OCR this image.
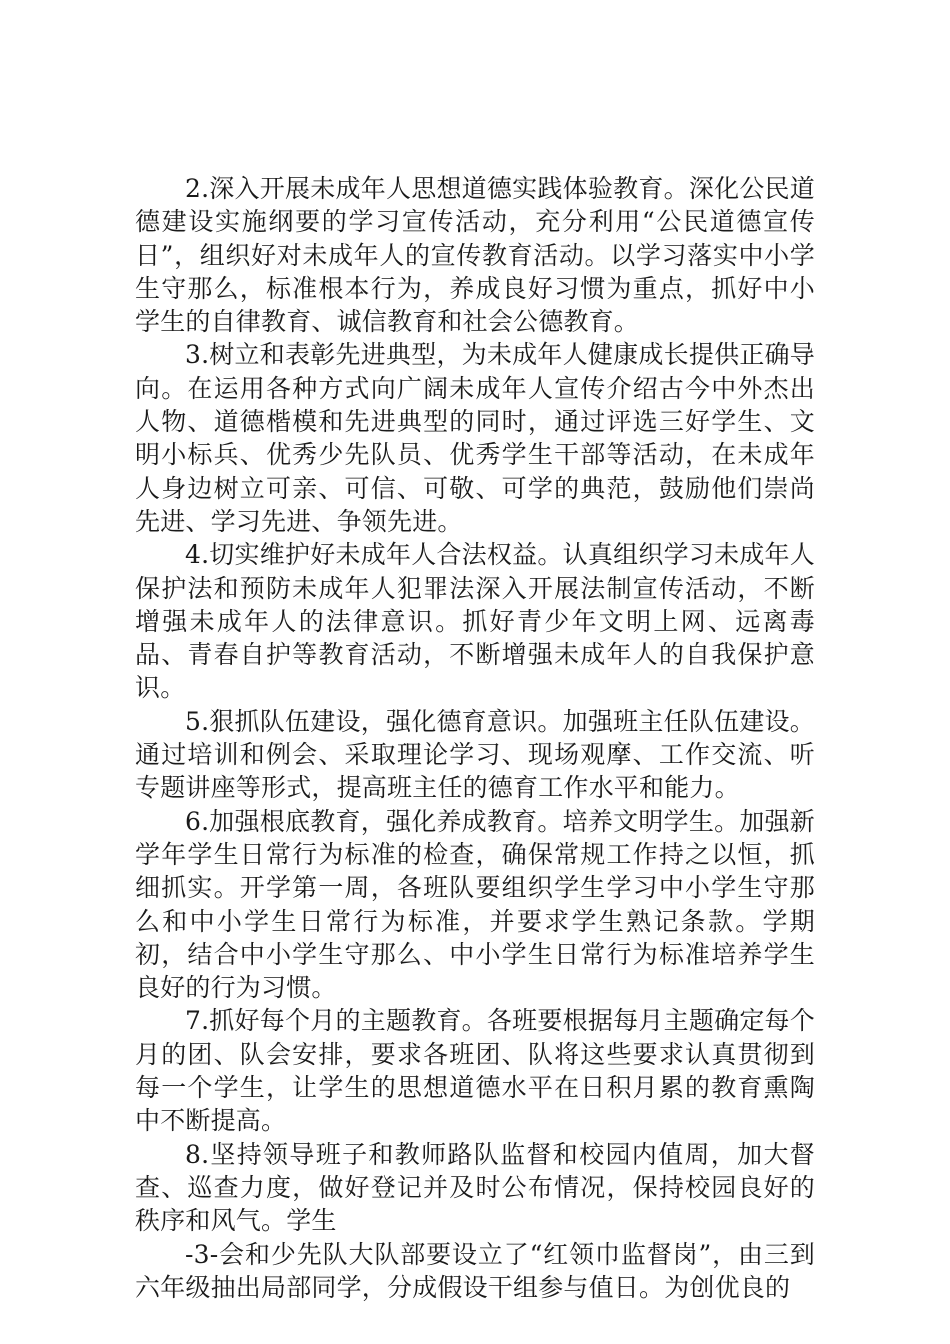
2.深入开展未成年人思想道德实践体验教育。深化公民道德建设实施纲要的学习宣传活动，充分利用“公民道德宣传日”，组织好对未成年人的宣传教育活动。以学习落实中小学生守那么，标准根本行为，养成良好习惯为重点，抓好中小学生的自律教育、诚信教育和社会公德教育。

3.树立和表彰先进典型，为未成年人健康成长提供正确导向。在运用各种方式向广阔未成年人宣传介绍古今中外杰出人物、道德楷模和先进典型的同时，通过评选三好学生、文明小标兵、优秀少先队员、优秀学生干部等活动，在未成年人身边树立可亲、可信、可敬、可学的典范，鼓励他们崇尚先进、学习先进、争领先进。

4.切实维护好未成年人合法权益。认真组织学习未成年人保护法和预防未成年人犯罪法深入开展法制宣传活动，不断增强未成年人的法律意识。抓好青少年文明上网、远离毒品、青春自护等教育活动，不断增强未成年人的自我保护意识。

5.狠抓队伍建设，强化德育意识。加强班主任队伍建设。通过培训和例会、采取理论学习、现场观摩、工作交流、听专题讲座等形式，提高班主任的德育工作水平和能力。

6.加强根底教育，强化养成教育。培养文明学生。加强新学年学生日常行为标准的检查，确保常规工作持之以恒，抓细抓实。开学第一周，各班队要组织学生学习中小学生守那么和中小学生日常行为标准，并要求学生熟记条款。学期初，结合中小学生守那么、中小学生日常行为标准培养学生良好的行为习惯。

7.抓好每个月的主题教育。各班要根据每月主题确定每个月的团、队会安排，要求各班团、队将这些要求认真贯彻到每一个学生，让学生的思想道德水平在日积月累的教育熏陶中不断提高。

8.坚持领导班子和教师路队监督和校园内值周，加大督查、巡查力度，做好登记并及时公布情况，保持校园良好的秩序和风气。学生

-3-会和少先队大队部要设立了“红领巾监督岗”，由三到六年级抽出局部同学，分成假设干组参与值日。为创优良的
